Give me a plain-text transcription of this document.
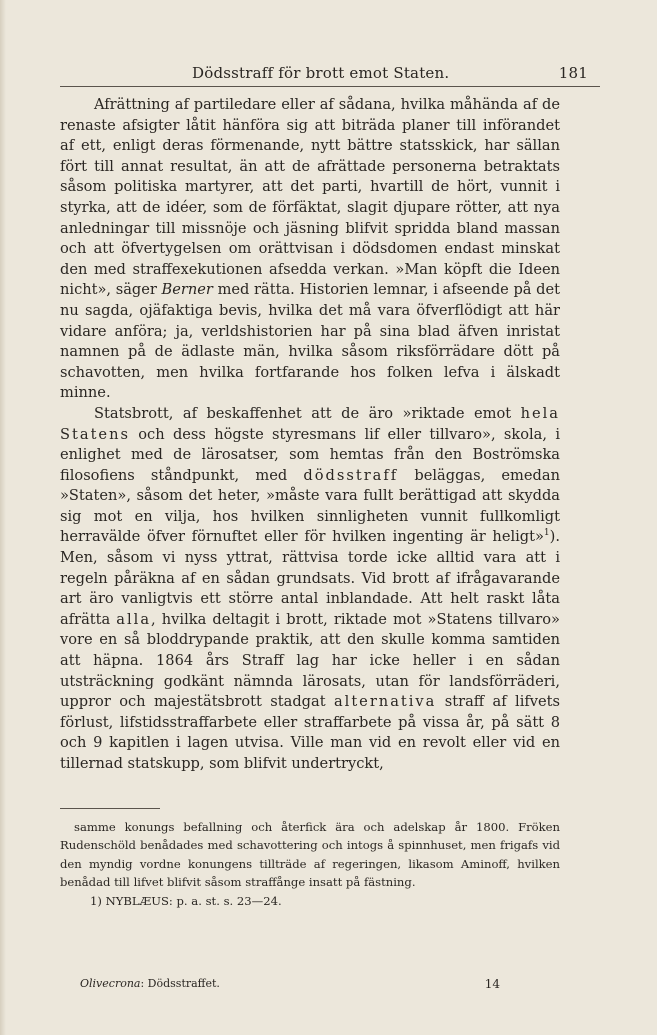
Dödsstraff för brott emot Staten.	181

Afrättning af partiledare eller af sådana, hvilka måhända af de renaste afsigter låtit hänföra sig att biträda planer till införandet af ett, enligt deras förmenande, nytt bättre statsskick, har sällan fört till annat resultat, än att de afrättade personerna betraktats såsom politiska martyrer, att det parti, hvartill de hört, vunnit i styrka, att de idéer, som de förfäktat, slagit djupare rötter, att nya anledningar till missnöje och jäsning blifvit spridda bland massan och att öfvertygelsen om orättvisan i dödsdomen endast minskat den med straffexekutionen afsedda verkan. »Man köpft die Ideen nicht», säger Berner med rätta. Historien lemnar, i afseende på det nu sagda, ojäfaktiga bevis, hvilka det må vara öfverflödigt att här vidare anföra; ja, verldshistorien har på sina blad äfven inristat namnen på de ädlaste män, hvilka såsom riksförrädare dött på schavotten, men hvilka fortfarande hos folken lefva i älskadt minne.

Statsbrott, af beskaffenhet att de äro »riktade emot hela Statens och dess högste styresmans lif eller tillvaro», skola, i enlighet med de lärosatser, som hemtas från den Boströmska filosofiens ståndpunkt, med dödsstraff beläggas, emedan »Staten», såsom det heter, »måste vara fullt berättigad att skydda sig mot en vilja, hos hvilken sinnligheten vunnit fullkomligt herravälde öfver förnuftet eller för hvilken ingenting är heligt»$^1$). Men, såsom vi nyss yttrat, rättvisa torde icke alltid vara att i regeln påräkna af en sådan grundsats. Vid brott af ifrågavarande art äro vanligtvis ett större antal inblandade. Att helt raskt låta afrätta alla, hvilka deltagit i brott, riktade mot »Statens tillvaro» vore en så bloddrypande praktik, att den skulle komma samtiden att häpna. 1864 års Straff lag har icke heller i en sådan utsträckning godkänt nämnda lärosats, utan för landsförräderi, uppror och majestätsbrott stadgat alternativa straff af lifvets förlust, lifstidsstraffarbete eller straffarbete på vissa år, på sätt 8 och 9 kapitlen i lagen utvisa. Ville man vid en revolt eller vid en tillernad statskupp, som blifvit undertryckt,

samme konungs befallning och återfick ära och adelskap år 1800. Fröken Rudenschöld benådades med schavottering och intogs å spinnhuset, men frigafs vid den myndig vordne konungens tillträde af regeringen, likasom Aminoff, hvilken benådad till lifvet blifvit såsom straffånge insatt på fästning.

1) NYBLÆUS: p. a. st. s. 23—24.

Olivecrona: Dödsstraffet.	14
